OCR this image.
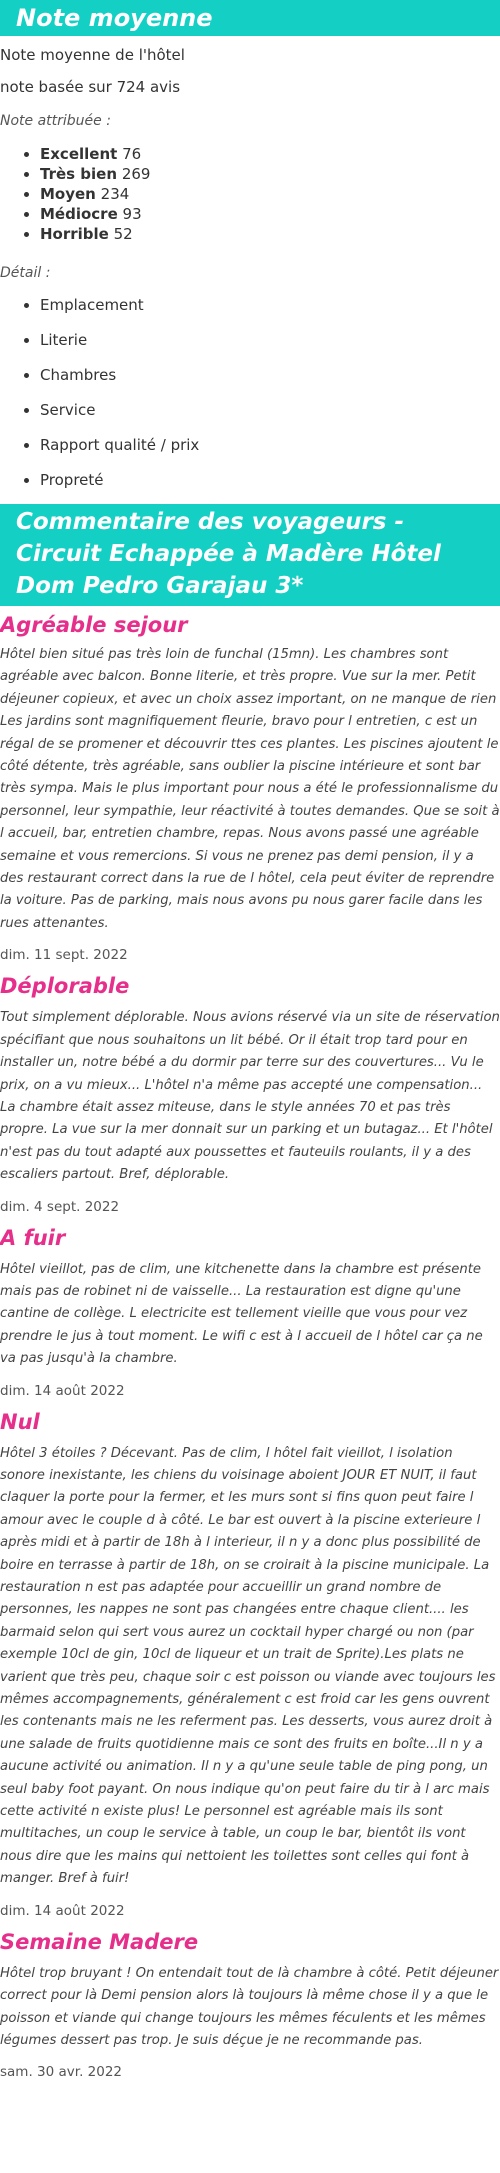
Note moyenne

Note moyenne de l'hôtel

note basée sur 724 avis

Note attribuée :

• Excellent 76
• Très bien 269
• Moyen 234
• Médiocre 93
• Horrible 52

Détail :

• Emplacement
• Literie
• Chambres
• Service
• Rapport qualité / prix
• Propreté
Commentaire des voyageurs - Circuit Echappée à Madère Hôtel Dom Pedro Garajau 3*
Agréable sejour

Hôtel bien situé pas très loin de funchal (15mn). Les chambres sont agréable avec balcon. Bonne literie, et très propre. Vue sur la mer. Petit déjeuner copieux, et avec un choix assez important, on ne manque de rien Les jardins sont magnifiquement fleurie, bravo pour l entretien, c est un régal de se promener et découvrir ttes ces plantes. Les piscines ajoutent le côté détente, très agréable, sans oublier la piscine intérieure et sont bar très sympa. Mais le plus important pour nous a été le professionnalisme du personnel, leur sympathie, leur réactivité à toutes demandes. Que se soit à l accueil, bar, entretien chambre, repas. Nous avons passé une agréable semaine et vous remercions. Si vous ne prenez pas demi pension, il y a des restaurant correct dans la rue de l hôtel, cela peut éviter de reprendre la voiture. Pas de parking, mais nous avons pu nous garer facile dans les rues attenantes.

dim. 11 sept. 2022

Déplorable

Tout simplement déplorable. Nous avions réservé via un site de réservation spécifiant que nous souhaitons un lit bébé. Or il était trop tard pour en installer un, notre bébé a du dormir par terre sur des couvertures... Vu le prix, on a vu mieux... L'hôtel n'a même pas accepté une compensation... La chambre était assez miteuse, dans le style années 70 et pas très propre. La vue sur la mer donnait sur un parking et un butagaz... Et l'hôtel n'est pas du tout adapté aux poussettes et fauteuils roulants, il y a des escaliers partout. Bref, déplorable.

dim. 4 sept. 2022

A fuir

Hôtel vieillot, pas de clim, une kitchenette dans la chambre est présente mais pas de robinet ni de vaisselle... La restauration est digne qu'une cantine de collège. L electricite est tellement vieille que vous pour vez prendre le jus à tout moment. Le wifi c est à l accueil de l hôtel car ça ne va pas jusqu'à la chambre.

dim. 14 août 2022

Nul

Hôtel 3 étoiles ? Décevant. Pas de clim, l hôtel fait vieillot, l isolation sonore inexistante, les chiens du voisinage aboient JOUR ET NUIT, il faut claquer la porte pour la fermer, et les murs sont si fins quon peut faire l amour avec le couple d à côté. Le bar est ouvert à la piscine exterieure l après midi et à partir de 18h à l interieur, il n y a donc plus possibilité de boire en terrasse à partir de 18h, on se croirait à la piscine municipale. La restauration n est pas adaptée pour accueillir un grand nombre de personnes, les nappes ne sont pas changées entre chaque client.... les barmaid selon qui sert vous aurez un cocktail hyper chargé ou non (par exemple 10cl de gin, 10cl de liqueur et un trait de Sprite).Les plats ne varient que très peu, chaque soir c est poisson ou viande avec toujours les mêmes accompagnements, généralement c est froid car les gens ouvrent les contenants mais ne les referment pas. Les desserts, vous aurez droit à une salade de fruits quotidienne mais ce sont des fruits en boîte...Il n y a aucune activité ou animation. Il n y a qu'une seule table de ping pong, un seul baby foot payant. On nous indique qu'on peut faire du tir à l arc mais cette activité n existe plus! Le personnel est agréable mais ils sont multitaches, un coup le service à table, un coup le bar, bientôt ils vont nous dire que les mains qui nettoient les toilettes sont celles qui font à manger. Bref à fuir!

dim. 14 août 2022

Semaine Madere

Hôtel trop bruyant ! On entendait tout de là chambre à côté. Petit déjeuner correct pour là Demi pension alors là toujours là même chose il y a que le poisson et viande qui change toujours les mêmes féculents et les mêmes légumes dessert pas trop. Je suis déçue je ne recommande pas.

sam. 30 avr. 2022
